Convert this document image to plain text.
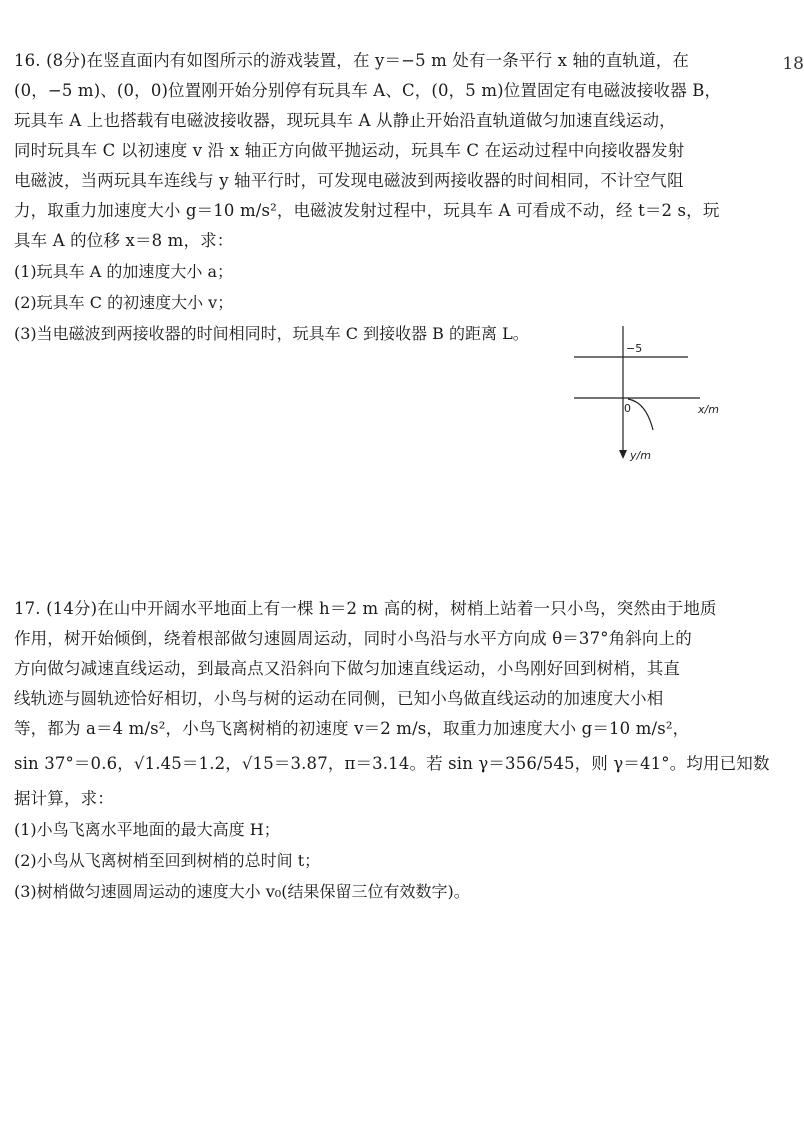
18
16. (8分)在竖直面内有如图所示的游戏装置，在 y＝−5 m 处有一条平行 x 轴的直轨道，在
(0，−5 m)、(0，0)位置刚开始分别停有玩具车 A、C，(0，5 m)位置固定有电磁波接收器 B，
玩具车 A 上也搭载有电磁波接收器，现玩具车 A 从静止开始沿直轨道做匀加速直线运动，
同时玩具车 C 以初速度 v 沿 x 轴正方向做平抛运动，玩具车 C 在运动过程中向接收器发射
电磁波，当两玩具车连线与 y 轴平行时，可发现电磁波到两接收器的时间相同，不计空气阻
力，取重力加速度大小 g＝10 m/s²，电磁波发射过程中，玩具车 A 可看成不动，经 t＝2 s，玩
具车 A 的位移 x＝8 m，求：
(1)玩具车 A 的加速度大小 a；
(2)玩具车 C 的初速度大小 v；
(3)当电磁波到两接收器的时间相同时，玩具车 C 到接收器 B 的距离 L。
−5
0	x/m
y/m
17. (14分)在山中开阔水平地面上有一棵 h＝2 m 高的树，树梢上站着一只小鸟，突然由于地质
作用，树开始倾倒，绕着根部做匀速圆周运动，同时小鸟沿与水平方向成 θ＝37°角斜向上的
方向做匀减速直线运动，到最高点又沿斜向下做匀加速直线运动，小鸟刚好回到树梢，其直
线轨迹与圆轨迹恰好相切，小鸟与树的运动在同侧，已知小鸟做直线运动的加速度大小相
等，都为 a＝4 m/s²，小鸟飞离树梢的初速度 v＝2 m/s，取重力加速度大小 g＝10 m/s²，
sin 37°＝0.6，√1.45＝1.2，√15＝3.87，π＝3.14。若 sin γ＝356/545，则 γ＝41°。均用已知数
据计算，求：
(1)小鸟飞离水平地面的最大高度 H；
(2)小鸟从飞离树梢至回到树梢的总时间 t；
(3)树梢做匀速圆周运动的速度大小 v₀(结果保留三位有效数字)。
